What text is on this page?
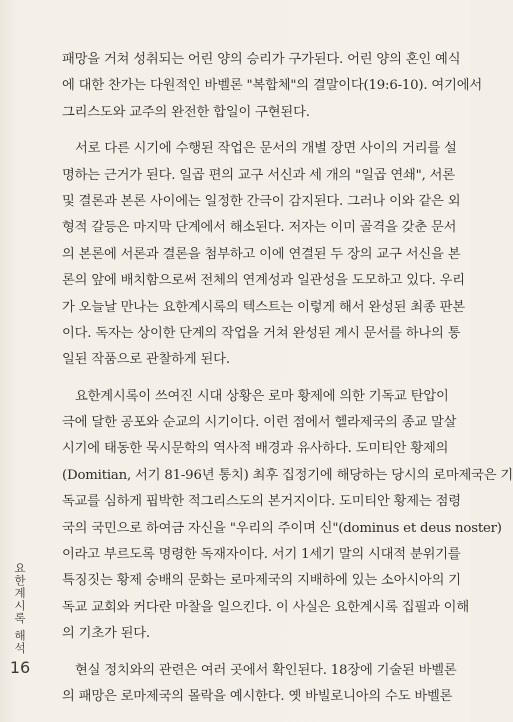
패망을 거쳐 성취되는 어린 양의 승리가 구가된다. 어린 양의 혼인 예식
에 대한 찬가는 다원적인 바벨론 "복합체"의 결말이다(19:6-10). 여기에서
그리스도와 교주의 완전한 합일이 구현된다.
서로 다른 시기에 수행된 작업은 문서의 개별 장면 사이의 거리를 설
명하는 근거가 된다. 일곱 편의 교구 서신과 세 개의 "일곱 연쇄", 서론
및 결론과 본론 사이에는 일정한 간극이 감지된다. 그러나 이와 같은 외
형적 갈등은 마지막 단계에서 해소된다. 저자는 이미 골격을 갖춘 문서
의 본론에 서론과 결론을 첨부하고 이에 연결된 두 장의 교구 서신을 본
론의 앞에 배치함으로써 전체의 연계성과 일관성을 도모하고 있다. 우리
가 오늘날 만나는 요한계시록의 텍스트는 이렇게 해서 완성된 최종 판본
이다. 독자는 상이한 단계의 작업을 거쳐 완성된 계시 문서를 하나의 통
일된 작품으로 관찰하게 된다.
요한계시록이 쓰여진 시대 상황은 로마 황제에 의한 기독교 탄압이
극에 달한 공포와 순교의 시기이다. 이런 점에서 헬라제국의 종교 말살
시기에 태동한 묵시문학의 역사적 배경과 유사하다. 도미티안 황제의
(Domitian, 서기 81-96년 통치) 최후 집정기에 해당하는 당시의 로마제국은 기
독교를 심하게 핍박한 적그리스도의 본거지이다. 도미티안 황제는 점령
국의 국민으로 하여금 자신을 "우리의 주이며 신"(dominus et deus noster)
이라고 부르도록 명령한 독재자이다. 서기 1세기 말의 시대적 분위기를
특징짓는 황제 숭배의 문화는 로마제국의 지배하에 있는 소아시아의 기
독교 교회와 커다란 마찰을 일으킨다. 이 사실은 요한계시록 집필과 이해
의 기초가 된다.
현실 정치와의 관련은 여러 곳에서 확인된다. 18장에 기술된 바벨론
의 패망은 로마제국의 몰락을 예시한다. 옛 바빌로니아의 수도 바벨론
요한계시록 해석
16
